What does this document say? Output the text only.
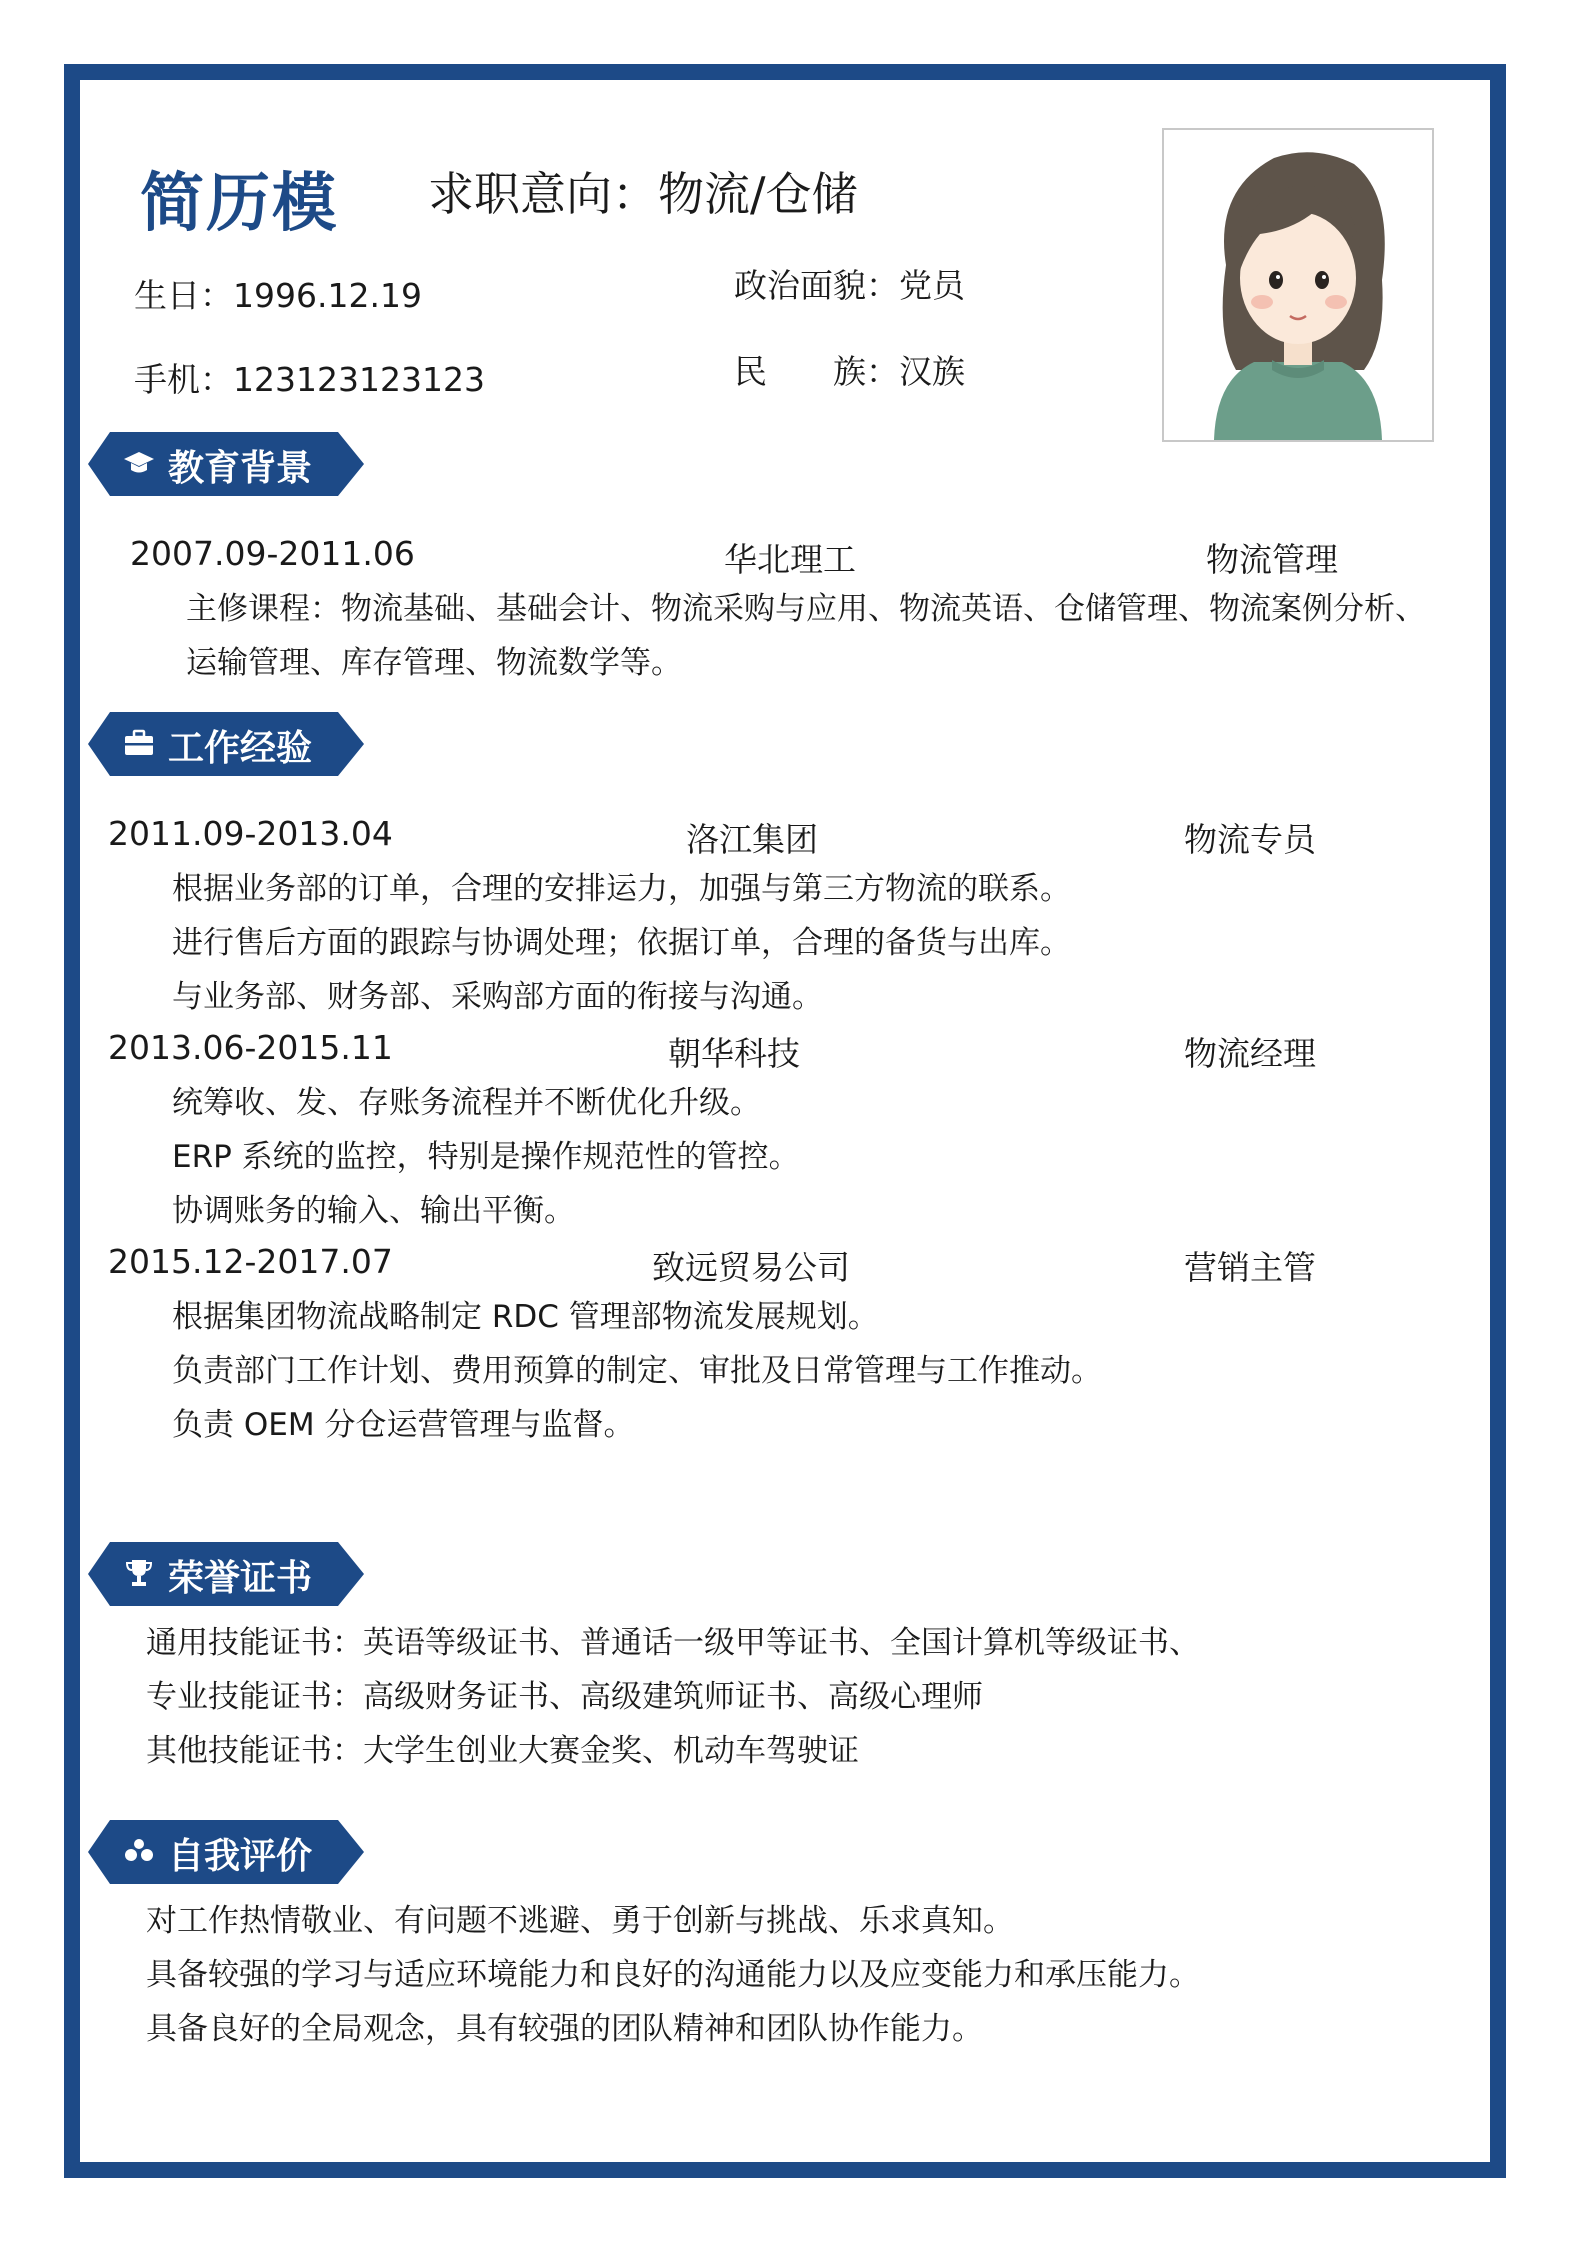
简历模 求职意向：物流/仓储
生日：1996.12.19
手机：123123123123
政治面貌：党员
民　　族：汉族
教育背景
2007.09-2011.06	华北理工	物流管理
主修课程：物流基础、基础会计、物流采购与应用、物流英语、仓储管理、物流案例分析、
运输管理、库存管理、物流数学等。
工作经验
2011.09-2013.04	洛江集团	物流专员
根据业务部的订单，合理的安排运力，加强与第三方物流的联系。
进行售后方面的跟踪与协调处理；依据订单，合理的备货与出库。
与业务部、财务部、采购部方面的衔接与沟通。
2013.06-2015.11	朝华科技	物流经理
统筹收、发、存账务流程并不断优化升级。
ERP 系统的监控，特别是操作规范性的管控。
协调账务的输入、输出平衡。
2015.12-2017.07	致远贸易公司	营销主管
根据集团物流战略制定 RDC 管理部物流发展规划。
负责部门工作计划、费用预算的制定、审批及日常管理与工作推动。
负责 OEM 分仓运营管理与监督。
荣誉证书
通用技能证书：英语等级证书、普通话一级甲等证书、全国计算机等级证书、
专业技能证书：高级财务证书、高级建筑师证书、高级心理师
其他技能证书：大学生创业大赛金奖、机动车驾驶证
自我评价
对工作热情敬业、有问题不逃避、勇于创新与挑战、乐求真知。
具备较强的学习与适应环境能力和良好的沟通能力以及应变能力和承压能力。
具备良好的全局观念，具有较强的团队精神和团队协作能力。
